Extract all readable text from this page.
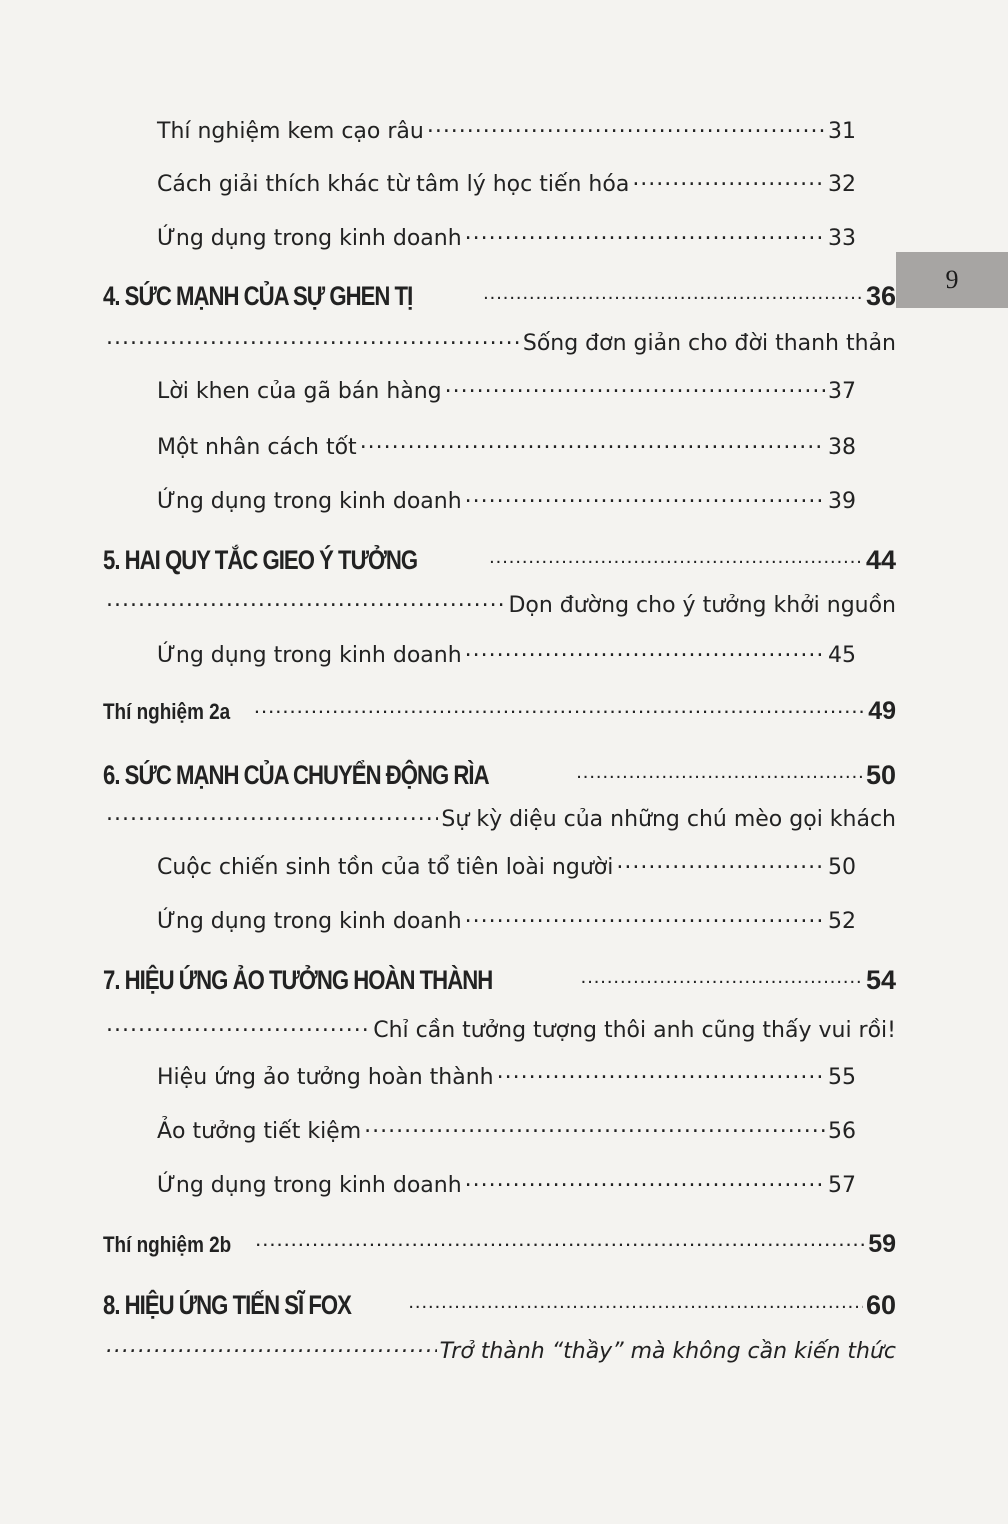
9
Thí nghiệm kem cạo râu .....	31
Cách giải thích khác từ tâm lý học tiến hóa .....	32
Ứng dụng trong kinh doanh .....	33
4. SỨC MẠNH CỦA SỰ GHEN TỊ .....	36
.....
Sống đơn giản cho đời thanh thản
Lời khen của gã bán hàng .....	37
Một nhân cách tốt .....	38
Ứng dụng trong kinh doanh .....	39
5. HAI QUY TẮC GIEO Ý TƯỞNG .....	44
.....
Dọn đường cho ý tưởng khởi nguồn
Ứng dụng trong kinh doanh .....	45
Thí nghiệm 2a .....	49
6. SỨC MẠNH CỦA CHUYỂN ĐỘNG RÌA .....	50
.....
Sự kỳ diệu của những chú mèo gọi khách
Cuộc chiến sinh tồn của tổ tiên loài người .....	50
Ứng dụng trong kinh doanh .....	52
7. HIỆU ỨNG ẢO TƯỞNG HOÀN THÀNH .....	54
.....
Chỉ cần tưởng tượng thôi anh cũng thấy vui rồi!
Hiệu ứng ảo tưởng hoàn thành .....	55
Ảo tưởng tiết kiệm .....	56
Ứng dụng trong kinh doanh .....	57
Thí nghiệm 2b .....	59
8. HIỆU ỨNG TIẾN SĨ FOX .....	60
.....
Trở thành “thầy” mà không cần kiến thức
